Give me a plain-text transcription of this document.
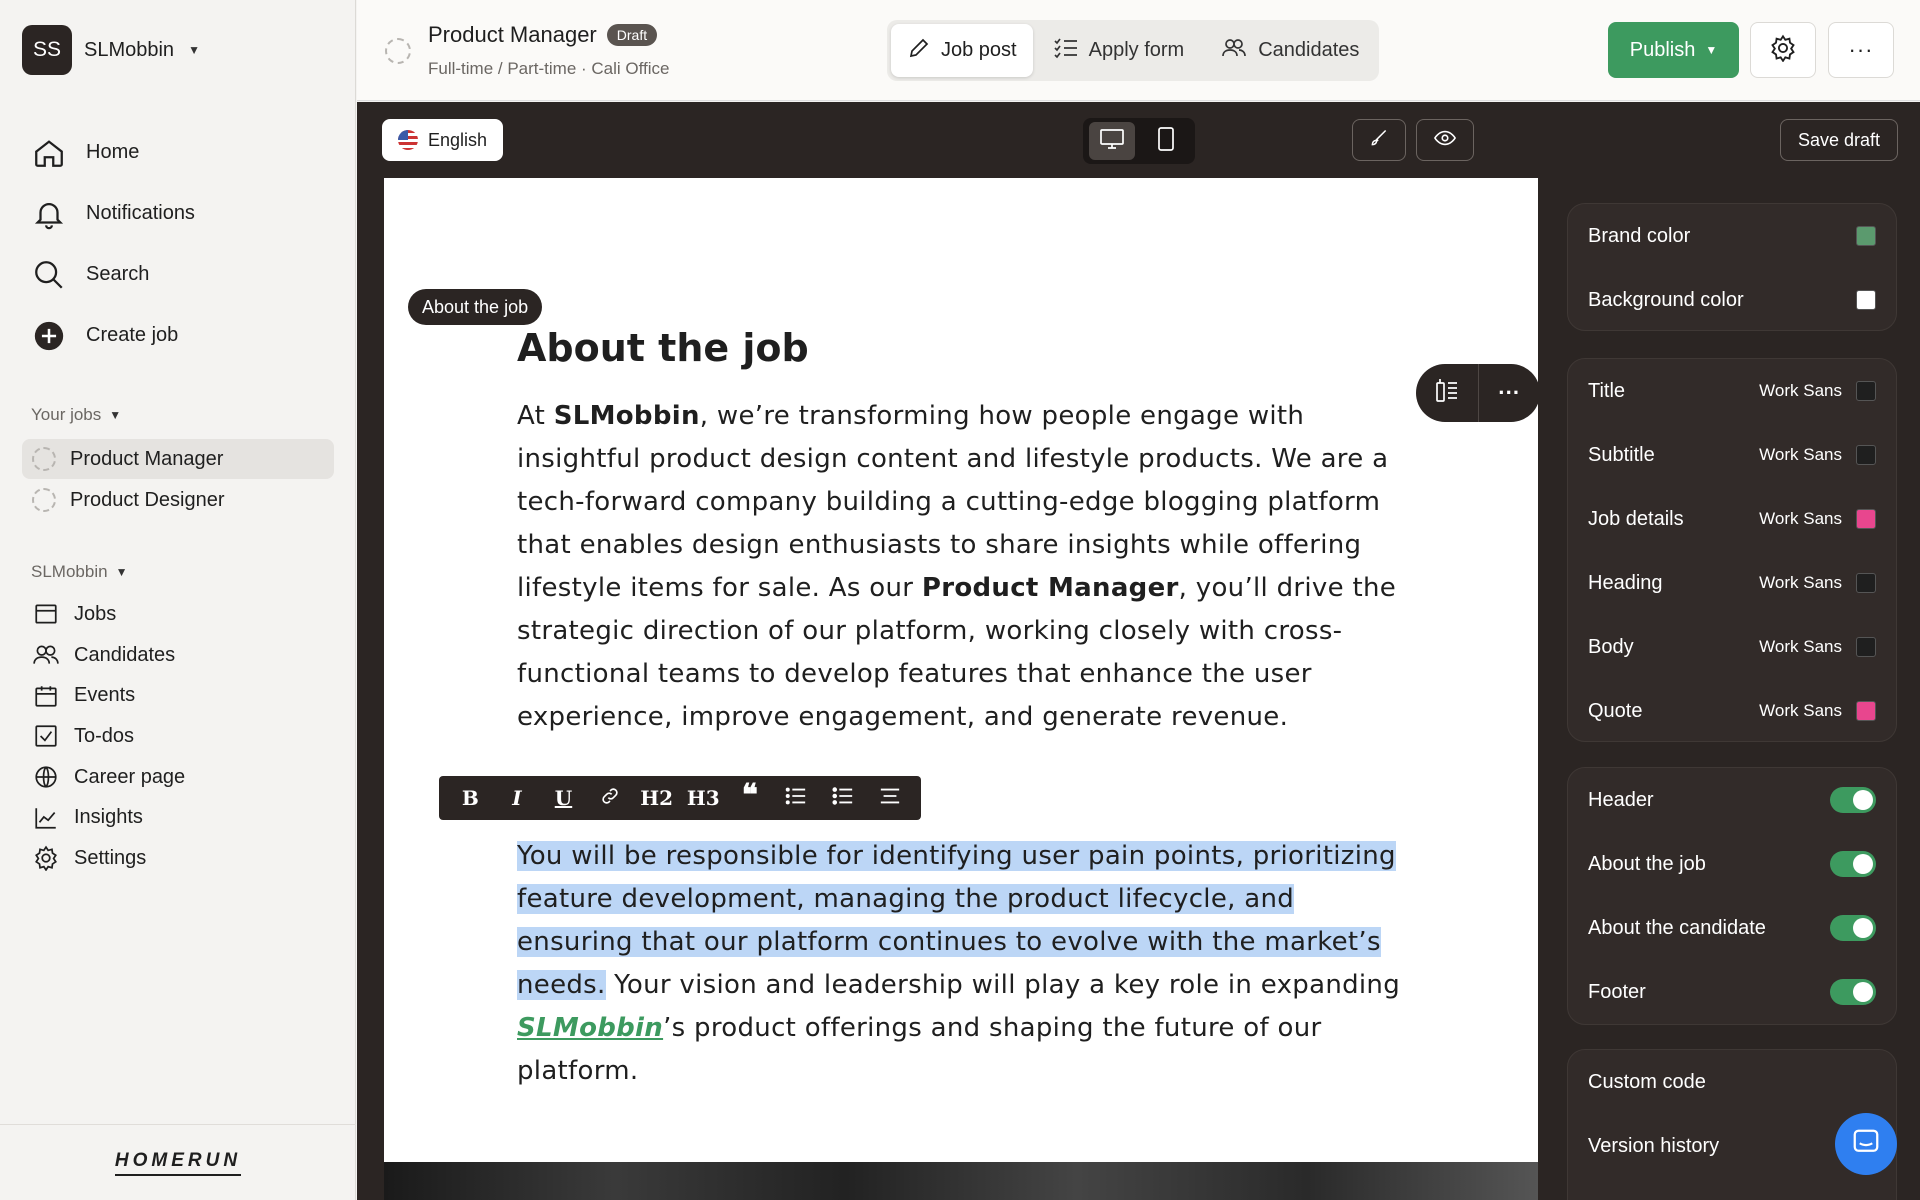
SS	SLMobbin ▼
Home
Notifications
Search
Create job
Your jobs ▼
Product Manager
Product Designer
SLMobbin ▼
Jobs
Candidates
Events
To-dos
Career page
Insights
Settings
HOMERUN
Product Manager	Draft
Full-time / Part-time · Cali Office
Job post	Apply form	Candidates	Publish ▼	···
English	Save draft
About the job
···
About the job

At SLMobbin, we’re transforming how people engage with insightful product design content and lifestyle products. We are a tech-forward company building a cutting-edge blogging platform that enables design enthusiasts to share insights while offering lifestyle items for sale. As our Product Manager, you’ll drive the strategic direction of our platform, working closely with cross-functional teams to develop features that enhance the user experience, improve engagement, and generate revenue.

B	I	U	H2 H3 ❝

You will be responsible for identifying user pain points, prioritizing feature development, managing the product lifecycle, and ensuring that our platform continues to evolve with the market’s needs. Your vision and leadership will play a key role in expanding SLMobbin’s product offerings and shaping the future of our platform.

Brand color
Background color
Title	Work Sans
Subtitle	Work Sans
Job details	Work Sans
Heading	Work Sans
Body	Work Sans
Quote	Work Sans
Header
About the job
About the candidate
Footer
Custom code
Version history
